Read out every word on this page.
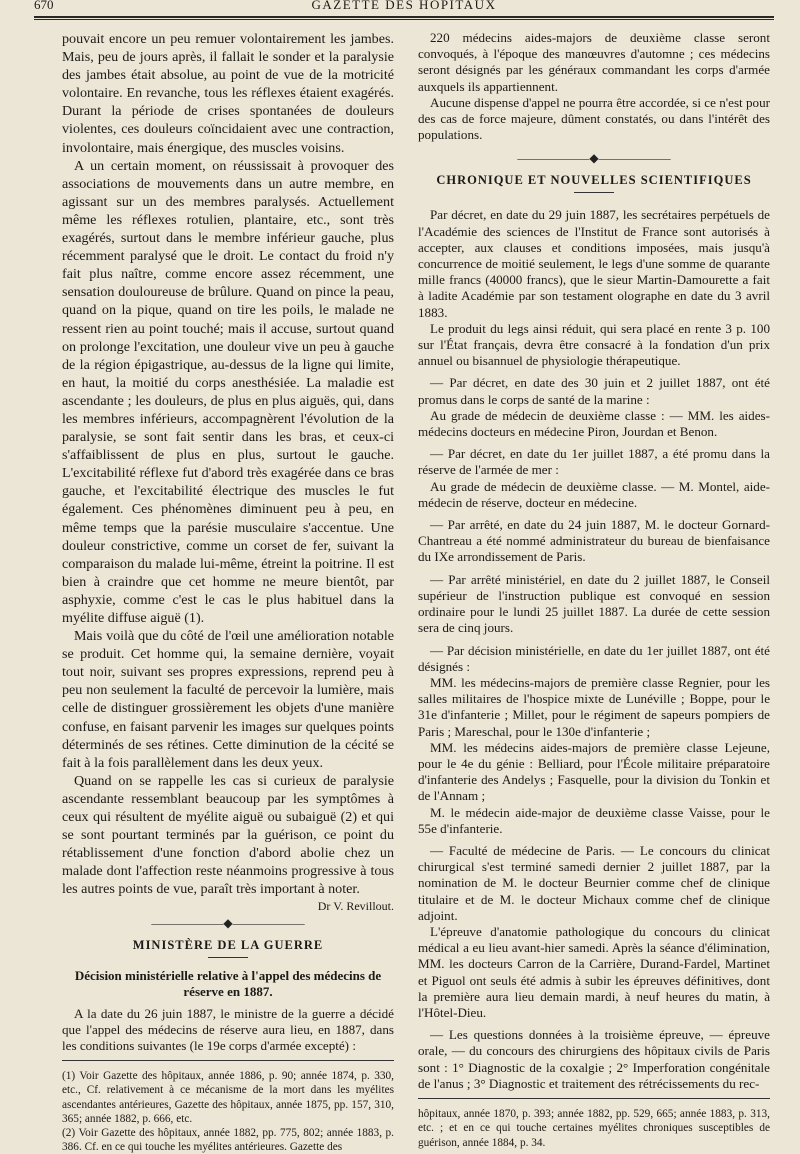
670	GAZETTE DES HOPITAUX

pouvait encore un peu remuer volontairement les jambes. Mais, peu de jours après, il fallait le sonder et la paralysie des jambes était absolue, au point de vue de la motricité volontaire. En revanche, tous les réflexes étaient exagérés. Durant la période de crises spontanées de douleurs violentes, ces douleurs coïncidaient avec une contraction, involontaire, mais énergique, des muscles voisins.

A un certain moment, on réussissait à provoquer des associations de mouvements dans un autre membre, en agissant sur un des membres paralysés. Actuellement même les réflexes rotulien, plantaire, etc., sont très exagérés, surtout dans le membre inférieur gauche, plus récemment paralysé que le droit. Le contact du froid n'y fait plus naître, comme encore assez récemment, une sensation douloureuse de brûlure. Quand on pince la peau, quand on la pique, quand on tire les poils, le malade ne ressent rien au point touché; mais il accuse, surtout quand on prolonge l'excitation, une douleur vive un peu à gauche de la région épigastrique, au-dessus de la ligne qui limite, en haut, la moitié du corps anesthésiée. La maladie est ascendante ; les douleurs, de plus en plus aiguës, qui, dans les membres inférieurs, accompagnèrent l'évolution de la paralysie, se sont fait sentir dans les bras, et ceux-ci s'affaiblissent de plus en plus, surtout le gauche. L'excitabilité réflexe fut d'abord très exagérée dans ce bras gauche, et l'excitabilité électrique des muscles le fut également. Ces phénomènes diminuent peu à peu, en même temps que la parésie musculaire s'accentue. Une douleur constrictive, comme un corset de fer, suivant la comparaison du malade lui-même, étreint la poitrine. Il est bien à craindre que cet homme ne meure bientôt, par asphyxie, comme c'est le cas le plus habituel dans la myélite diffuse aiguë (1).

Mais voilà que du côté de l'œil une amélioration notable se produit. Cet homme qui, la semaine dernière, voyait tout noir, suivant ses propres expressions, reprend peu à peu non seulement la faculté de percevoir la lumière, mais celle de distinguer grossièrement les objets d'une manière confuse, en faisant parvenir les images sur quelques points déterminés de ses rétines. Cette diminution de la cécité se fait à la fois parallèlement dans les deux yeux.

Quand on se rappelle les cas si curieux de paralysie ascendante ressemblant beaucoup par les symptômes à ceux qui résultent de myélite aiguë ou subaiguë (2) et qui se sont pourtant terminés par la guérison, ce point du rétablissement d'une fonction d'abord abolie chez un malade dont l'affection reste néanmoins progressive à tous les autres points de vue, paraît très important à noter.

Dr V. Revillout.
――――――◆――――――
MINISTÈRE DE LA GUERRE
Décision ministérielle relative à l'appel des médecins de réserve en 1887.

A la date du 26 juin 1887, le ministre de la guerre a décidé que l'appel des médecins de réserve aura lieu, en 1887, dans les conditions suivantes (le 19e corps d'armée excepté) :

(1) Voir Gazette des hôpitaux, année 1886, p. 90; année 1874, p. 330, etc., Cf. relativement à ce mécanisme de la mort dans les myélites ascendantes antérieures, Gazette des hôpitaux, année 1875, pp. 157, 310, 365; année 1882, p. 666, etc.

(2) Voir Gazette des hôpitaux, année 1882, pp. 775, 802; année 1883, p. 386. Cf. en ce qui touche les myélites antérieures. Gazette des

220 médecins aides-majors de deuxième classe seront convoqués, à l'époque des manœuvres d'automne ; ces médecins seront désignés par les généraux commandant les corps d'armée auxquels ils appartiennent.

Aucune dispense d'appel ne pourra être accordée, si ce n'est pour des cas de force majeure, dûment constatés, ou dans l'intérêt des populations.

――――――◆――――――
CHRONIQUE ET NOUVELLES SCIENTIFIQUES

Par décret, en date du 29 juin 1887, les secrétaires perpétuels de l'Académie des sciences de l'Institut de France sont autorisés à accepter, aux clauses et conditions imposées, mais jusqu'à concurrence de moitié seulement, le legs d'une somme de quarante mille francs (40000 francs), que le sieur Martin-Damourette a fait à ladite Académie par son testament olographe en date du 3 avril 1883.

Le produit du legs ainsi réduit, qui sera placé en rente 3 p. 100 sur l'État français, devra être consacré à la fondation d'un prix annuel ou bisannuel de physiologie thérapeutique.

— Par décret, en date des 30 juin et 2 juillet 1887, ont été promus dans le corps de santé de la marine :

Au grade de médecin de deuxième classe : — MM. les aides-médecins docteurs en médecine Piron, Jourdan et Benon.

— Par décret, en date du 1er juillet 1887, a été promu dans la réserve de l'armée de mer :

Au grade de médecin de deuxième classe. — M. Montel, aide-médecin de réserve, docteur en médecine.

— Par arrêté, en date du 24 juin 1887, M. le docteur Gornard-Chantreau a été nommé administrateur du bureau de bienfaisance du IXe arrondissement de Paris.

— Par arrêté ministériel, en date du 2 juillet 1887, le Conseil supérieur de l'instruction publique est convoqué en session ordinaire pour le lundi 25 juillet 1887. La durée de cette session sera de cinq jours.

— Par décision ministérielle, en date du 1er juillet 1887, ont été désignés :

MM. les médecins-majors de première classe Regnier, pour les salles militaires de l'hospice mixte de Lunéville ; Boppe, pour le 31e d'infanterie ; Millet, pour le régiment de sapeurs pompiers de Paris ; Mareschal, pour le 130e d'infanterie ;

MM. les médecins aides-majors de première classe Lejeune, pour le 4e du génie : Belliard, pour l'École militaire préparatoire d'infanterie des Andelys ; Fasquelle, pour la division du Tonkin et de l'Annam ;

M. le médecin aide-major de deuxième classe Vaisse, pour le 55e d'infanterie.

— Faculté de médecine de Paris. — Le concours du clinicat chirurgical s'est terminé samedi dernier 2 juillet 1887, par la nomination de M. le docteur Beurnier comme chef de clinique titulaire et de M. le docteur Michaux comme chef de clinique adjoint.

L'épreuve d'anatomie pathologique du concours du clinicat médical a eu lieu avant-hier samedi. Après la séance d'élimination, MM. les docteurs Carron de la Carrière, Durand-Fardel, Martinet et Piguol ont seuls été admis à subir les épreuves définitives, dont la première aura lieu demain mardi, à neuf heures du matin, à l'Hôtel-Dieu.

— Les questions données à la troisième épreuve, — épreuve orale, — du concours des chirurgiens des hôpitaux civils de Paris sont : 1° Diagnostic de la coxalgie ; 2° Imperforation congénitale de l'anus ; 3° Diagnostic et traitement des rétrécissements du rec-

hôpitaux, année 1870, p. 393; année 1882, pp. 529, 665; année 1883, p. 313, etc. ; et en ce qui touche certaines myélites chroniques susceptibles de guérison, année 1884, p. 34.
